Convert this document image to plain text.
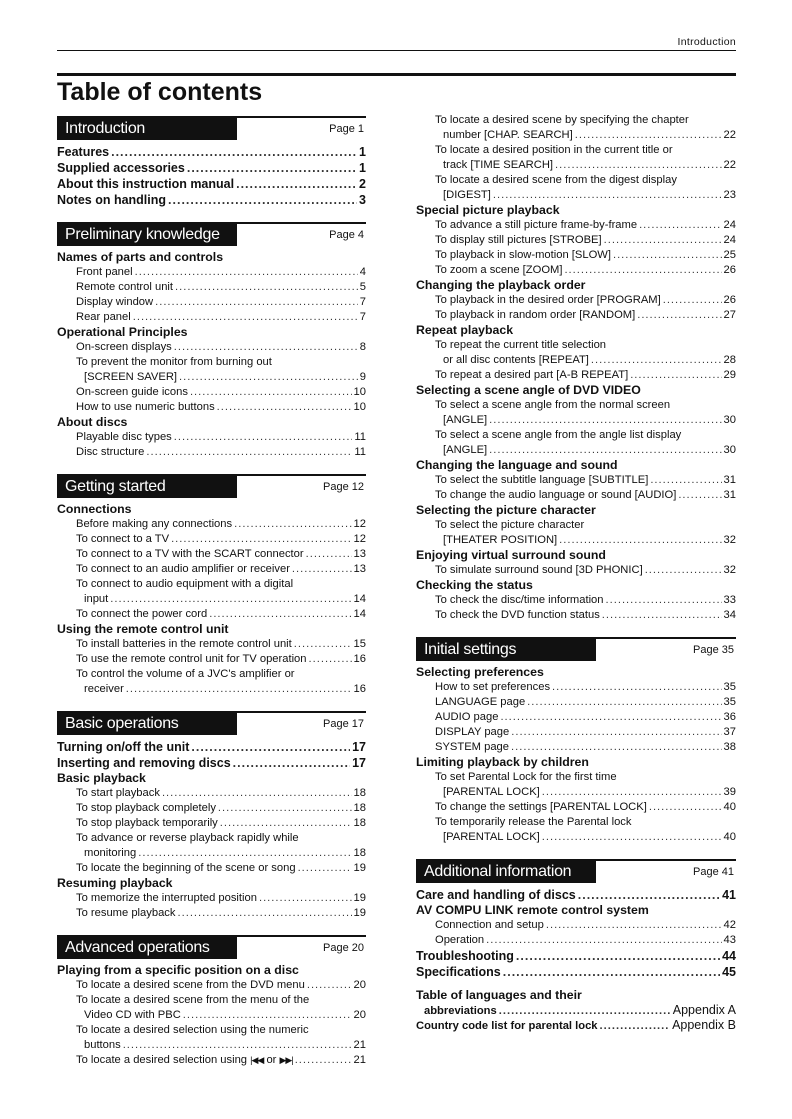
Introduction
Table of contents
Introduction	Page 1
Features .....	1
Supplied accessories .....	1
About this instruction manual .....	2
Notes on handling .....	3
Preliminary knowledge	Page 4
Names of parts and controls
Front panel .....	4
Remote control unit .....	5
Display window .....	7
Rear panel .....	7
Operational Principles
On-screen displays .....	8
To prevent the monitor from burning out
[SCREEN SAVER] .....	9
On-screen guide icons .....	10
How to use numeric buttons .....	10
About discs
Playable disc types .....	11
Disc structure .....	11
Getting started	Page 12
Connections
Before making any connections .....	12
To connect to a TV .....	12
To connect to a TV with the SCART connector .....	13
To connect to an audio amplifier or receiver .....	13
To connect to audio equipment with a digital
input .....	14
To connect the power cord .....	14
Using the remote control unit
To install batteries in the remote control unit .....	15
To use the remote control unit for TV operation .....	16
To control the volume of a JVC's amplifier or
receiver .....	16
Basic operations	Page 17
Turning on/off the unit .....	17
Inserting and removing discs .....	17
Basic playback
To start playback .....	18
To stop playback completely .....	18
To stop playback temporarily .....	18
To advance or reverse playback rapidly while
monitoring .....	18
To locate the beginning of the scene or song .....	19
Resuming playback
To memorize the interrupted position .....	19
To resume playback .....	19
Advanced operations	Page 20
Playing from a specific position on a disc
To locate a desired scene from the DVD menu .....	20
To locate a desired scene from the menu of the
Video CD with PBC .....	20
To locate a desired selection using the numeric
buttons .....	21
To locate a desired selection using |◀◀ or ▶▶| .....	21
To locate a desired scene by specifying the chapter
number [CHAP. SEARCH] .....	22
To locate a desired position in the current title or
track [TIME SEARCH] .....	22
To locate a desired scene from the digest display
[DIGEST] .....	23
Special picture playback
To advance a still picture frame-by-frame .....	24
To display still pictures [STROBE] .....	24
To playback in slow-motion [SLOW] .....	25
To zoom a scene [ZOOM] .....	26
Changing the playback order
To playback in the desired order [PROGRAM] .....	26
To playback in random order [RANDOM] .....	27
Repeat playback
To repeat the current title selection
or all disc contents [REPEAT] .....	28
To repeat a desired part [A-B REPEAT] .....	29
Selecting a scene angle of DVD VIDEO
To select a scene angle from the normal screen
[ANGLE] .....	30
To select a scene angle from the angle list display
[ANGLE] .....	30
Changing the language and sound
To select the subtitle language [SUBTITLE] .....	31
To change the audio language or sound [AUDIO] .....	31
Selecting the picture character
To select the picture character
[THEATER POSITION] .....	32
Enjoying virtual surround sound
To simulate surround sound [3D PHONIC] .....	32
Checking the status
To check the disc/time information .....	33
To check the DVD function status .....	34
Initial settings	Page 35
Selecting preferences
How to set preferences .....	35
LANGUAGE page .....	35
AUDIO page .....	36
DISPLAY page .....	37
SYSTEM page .....	38
Limiting playback by children
To set Parental Lock for the first time
[PARENTAL LOCK] .....	39
To change the settings [PARENTAL LOCK] .....	40
To temporarily release the Parental lock
[PARENTAL LOCK] .....	40
Additional information	Page 41
Care and handling of discs .....	41
AV COMPU LINK remote control system
Connection and setup .....	42
Operation .....	43
Troubleshooting .....	44
Specifications .....	45
Table of languages and their
abbreviations .....	Appendix A
Country code list for parental lock .....	Appendix B
